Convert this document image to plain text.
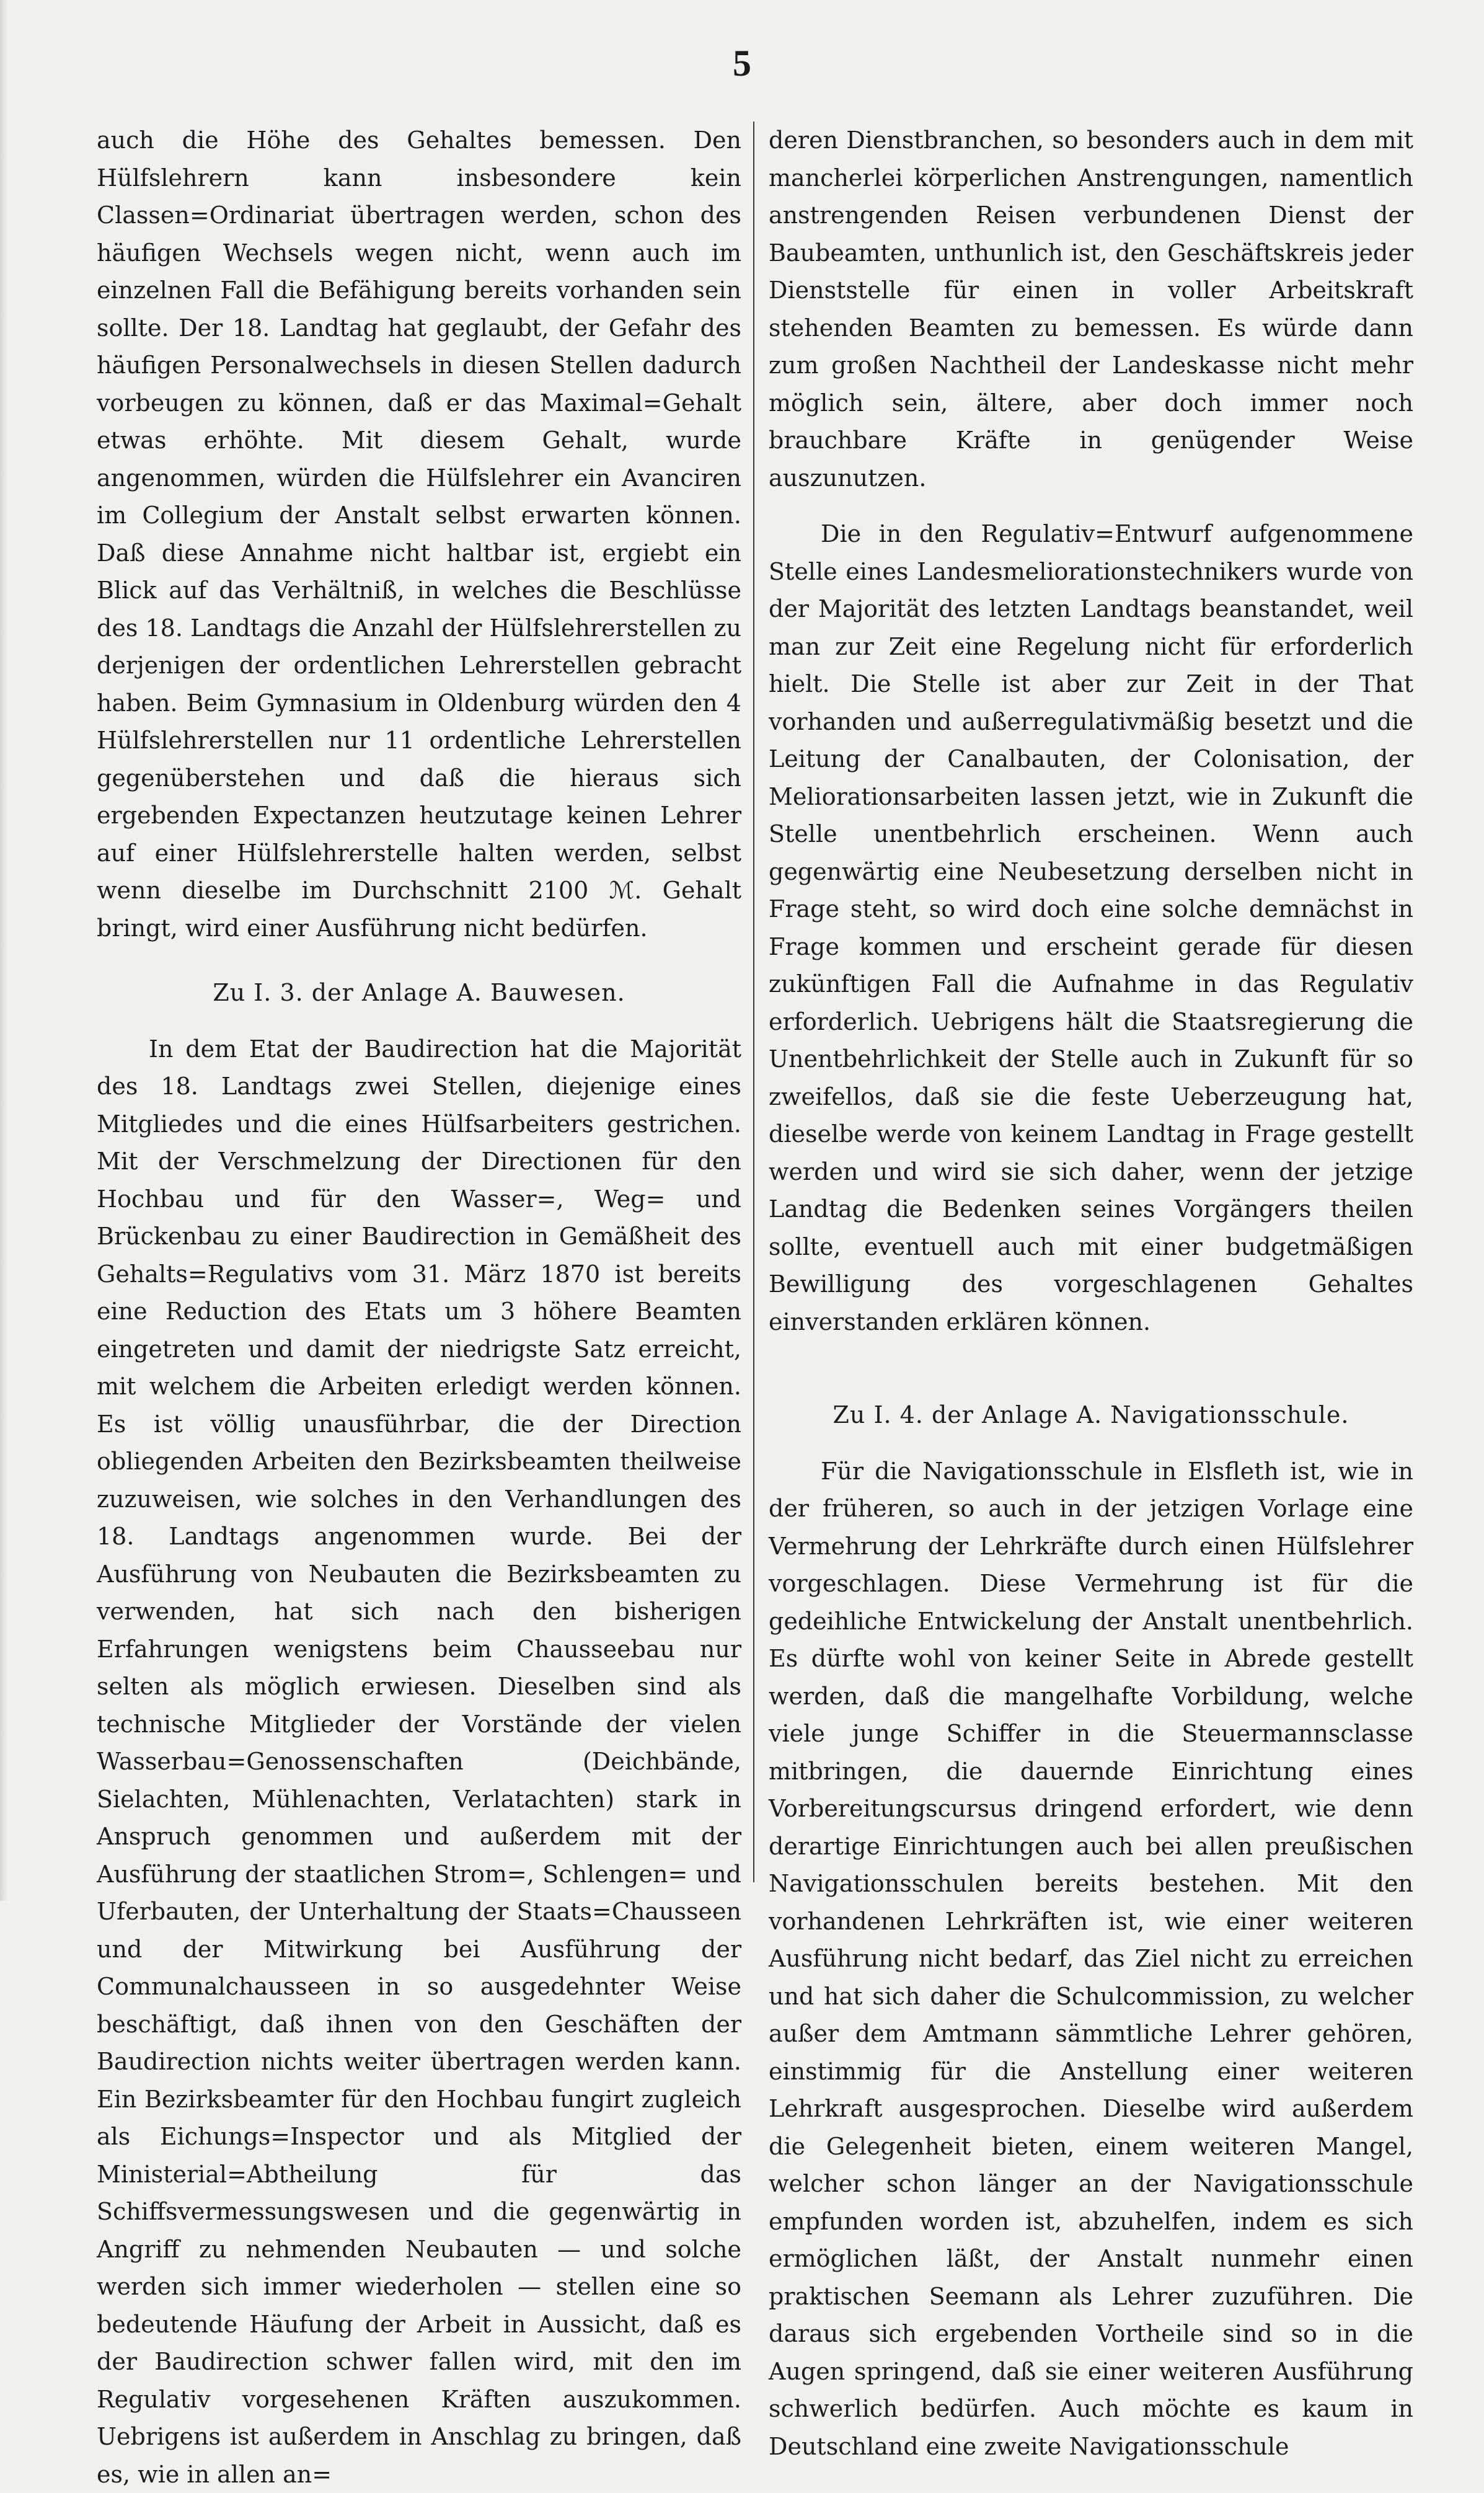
5

auch die Höhe des Gehaltes bemessen. Den Hülfslehrern kann insbesondere kein Classen=Ordinariat übertragen werden, schon des häufigen Wechsels wegen nicht, wenn auch im einzelnen Fall die Befähigung bereits vorhanden sein sollte. Der 18. Landtag hat geglaubt, der Gefahr des häufigen Personalwechsels in diesen Stellen dadurch vorbeugen zu können, daß er das Maximal=Gehalt etwas erhöhte. Mit diesem Gehalt, wurde angenommen, würden die Hülfslehrer ein Avanciren im Collegium der Anstalt selbst erwarten können. Daß diese Annahme nicht haltbar ist, ergiebt ein Blick auf das Verhältniß, in welches die Beschlüsse des 18. Landtags die Anzahl der Hülfslehrerstellen zu derjenigen der ordentlichen Lehrerstellen gebracht haben. Beim Gymnasium in Oldenburg würden den 4 Hülfslehrerstellen nur 11 ordentliche Lehrerstellen gegenüberstehen und daß die hieraus sich ergebenden Expectanzen heutzutage keinen Lehrer auf einer Hülfslehrerstelle halten werden, selbst wenn dieselbe im Durchschnitt 2100 ℳ. Gehalt bringt, wird einer Ausführung nicht bedürfen.

Zu I. 3. der Anlage A. Bauwesen.

In dem Etat der Baudirection hat die Majorität des 18. Landtags zwei Stellen, diejenige eines Mitgliedes und die eines Hülfsarbeiters gestrichen. Mit der Verschmelzung der Directionen für den Hochbau und für den Wasser=, Weg= und Brückenbau zu einer Baudirection in Gemäßheit des Gehalts=Regulativs vom 31. März 1870 ist bereits eine Reduction des Etats um 3 höhere Beamten eingetreten und damit der niedrigste Satz erreicht, mit welchem die Arbeiten erledigt werden können. Es ist völlig unausführbar, die der Direction obliegenden Arbeiten den Bezirksbeamten theilweise zuzuweisen, wie solches in den Verhandlungen des 18. Landtags angenommen wurde. Bei der Ausführung von Neubauten die Bezirksbeamten zu verwenden, hat sich nach den bisherigen Erfahrungen wenigstens beim Chausseebau nur selten als möglich erwiesen. Dieselben sind als technische Mitglieder der Vorstände der vielen Wasserbau=Genossenschaften (Deichbände, Sielachten, Mühlenachten, Verlatachten) stark in Anspruch genommen und außerdem mit der Ausführung der staatlichen Strom=, Schlengen= und Uferbauten, der Unterhaltung der Staats=Chausseen und der Mitwirkung bei Ausführung der Communalchausseen in so ausgedehnter Weise beschäftigt, daß ihnen von den Geschäften der Baudirection nichts weiter übertragen werden kann. Ein Bezirksbeamter für den Hochbau fungirt zugleich als Eichungs=Inspector und als Mitglied der Ministerial=Abtheilung für das Schiffsvermessungswesen und die gegenwärtig in Angriff zu nehmenden Neubauten — und solche werden sich immer wiederholen — stellen eine so bedeutende Häufung der Arbeit in Aussicht, daß es der Baudirection schwer fallen wird, mit den im Regulativ vorgesehenen Kräften auszukommen. Uebrigens ist außerdem in Anschlag zu bringen, daß es, wie in allen an=

deren Dienstbranchen, so besonders auch in dem mit mancherlei körperlichen Anstrengungen, namentlich anstrengenden Reisen verbundenen Dienst der Baubeamten, unthunlich ist, den Geschäftskreis jeder Dienststelle für einen in voller Arbeitskraft stehenden Beamten zu bemessen. Es würde dann zum großen Nachtheil der Landeskasse nicht mehr möglich sein, ältere, aber doch immer noch brauchbare Kräfte in genügender Weise auszunutzen.

Die in den Regulativ=Entwurf aufgenommene Stelle eines Landesmeliorationstechnikers wurde von der Majorität des letzten Landtags beanstandet, weil man zur Zeit eine Regelung nicht für erforderlich hielt. Die Stelle ist aber zur Zeit in der That vorhanden und außerregulativmäßig besetzt und die Leitung der Canalbauten, der Colonisation, der Meliorationsarbeiten lassen jetzt, wie in Zukunft die Stelle unentbehrlich erscheinen. Wenn auch gegenwärtig eine Neubesetzung derselben nicht in Frage steht, so wird doch eine solche demnächst in Frage kommen und erscheint gerade für diesen zukünftigen Fall die Aufnahme in das Regulativ erforderlich. Uebrigens hält die Staatsregierung die Unentbehrlichkeit der Stelle auch in Zukunft für so zweifellos, daß sie die feste Ueberzeugung hat, dieselbe werde von keinem Landtag in Frage gestellt werden und wird sie sich daher, wenn der jetzige Landtag die Bedenken seines Vorgängers theilen sollte, eventuell auch mit einer budgetmäßigen Bewilligung des vorgeschlagenen Gehaltes einverstanden erklären können.

Zu I. 4. der Anlage A. Navigationsschule.

Für die Navigationsschule in Elsfleth ist, wie in der früheren, so auch in der jetzigen Vorlage eine Vermehrung der Lehrkräfte durch einen Hülfslehrer vorgeschlagen. Diese Vermehrung ist für die gedeihliche Entwickelung der Anstalt unentbehrlich. Es dürfte wohl von keiner Seite in Abrede gestellt werden, daß die mangelhafte Vorbildung, welche viele junge Schiffer in die Steuermannsclasse mitbringen, die dauernde Einrichtung eines Vorbereitungscursus dringend erfordert, wie denn derartige Einrichtungen auch bei allen preußischen Navigationsschulen bereits bestehen. Mit den vorhandenen Lehrkräften ist, wie einer weiteren Ausführung nicht bedarf, das Ziel nicht zu erreichen und hat sich daher die Schulcommission, zu welcher außer dem Amtmann sämmtliche Lehrer gehören, einstimmig für die Anstellung einer weiteren Lehrkraft ausgesprochen. Dieselbe wird außerdem die Gelegenheit bieten, einem weiteren Mangel, welcher schon länger an der Navigationsschule empfunden worden ist, abzuhelfen, indem es sich ermöglichen läßt, der Anstalt nunmehr einen praktischen Seemann als Lehrer zuzuführen. Die daraus sich ergebenden Vortheile sind so in die Augen springend, daß sie einer weiteren Ausführung schwerlich bedürfen. Auch möchte es kaum in Deutschland eine zweite Navigationsschule
